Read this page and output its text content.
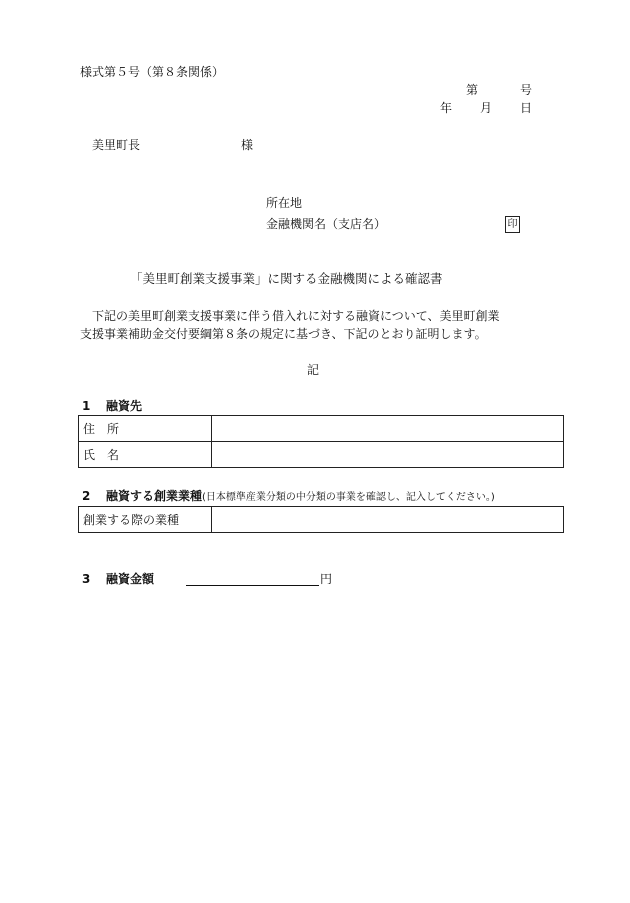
様式第５号（第８条関係）
第	号
年 月 日
美里町長	様
所在地
金融機関名（支店名）	印
「美里町創業支援事業」に関する金融機関による確認書
下記の美里町創業支援事業に伴う借入れに対する融資について、美里町創業
支援事業補助金交付要綱第８条の規定に基づき、下記のとおり証明します。
記
1 融資先
住　所	
氏　名	
2 融資する創業業種(日本標準産業分類の中分類の事業を確認し、記入してください。)
創業する際の業種	
3 融資金額	円
